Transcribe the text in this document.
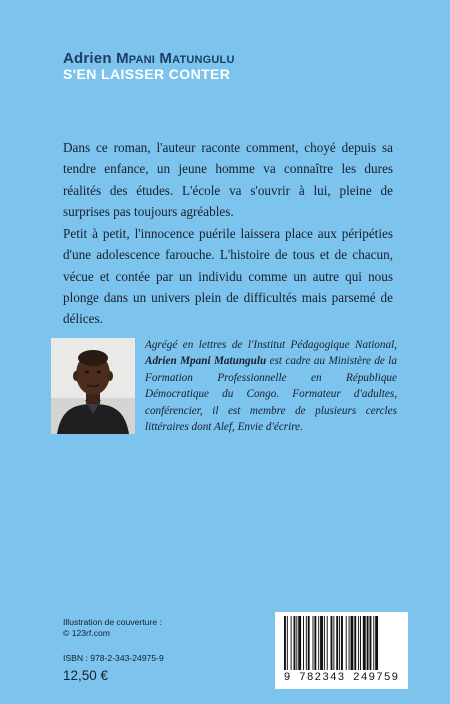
Adrien Mpani Matungulu
S'EN LAISSER CONTER

Dans ce roman, l'auteur raconte comment, choyé depuis sa tendre enfance, un jeune homme va connaître les dures réalités des études. L'école va s'ouvrir à lui, pleine de surprises pas toujours agréables.

Petit à petit, l'innocence puérile laissera place aux péripéties d'une adolescence farouche. L'histoire de tous et de chacun, vécue et contée par un individu comme un autre qui nous plonge dans un univers plein de difficultés mais parsemé de délices.

Agrégé en lettres de l'Institut Pédagogique National, Adrien Mpani Matungulu est cadre au Ministère de la Formation Professionnelle en République Démocratique du Congo. Formateur d'adultes, conférencier, il est membre de plusieurs cercles littéraires dont Alef, Envie d'écrire.

Illustration de couverture :
© 123rf.com
ISBN : 978-2-343-24975-9
12,50 €	9 782343 249759
